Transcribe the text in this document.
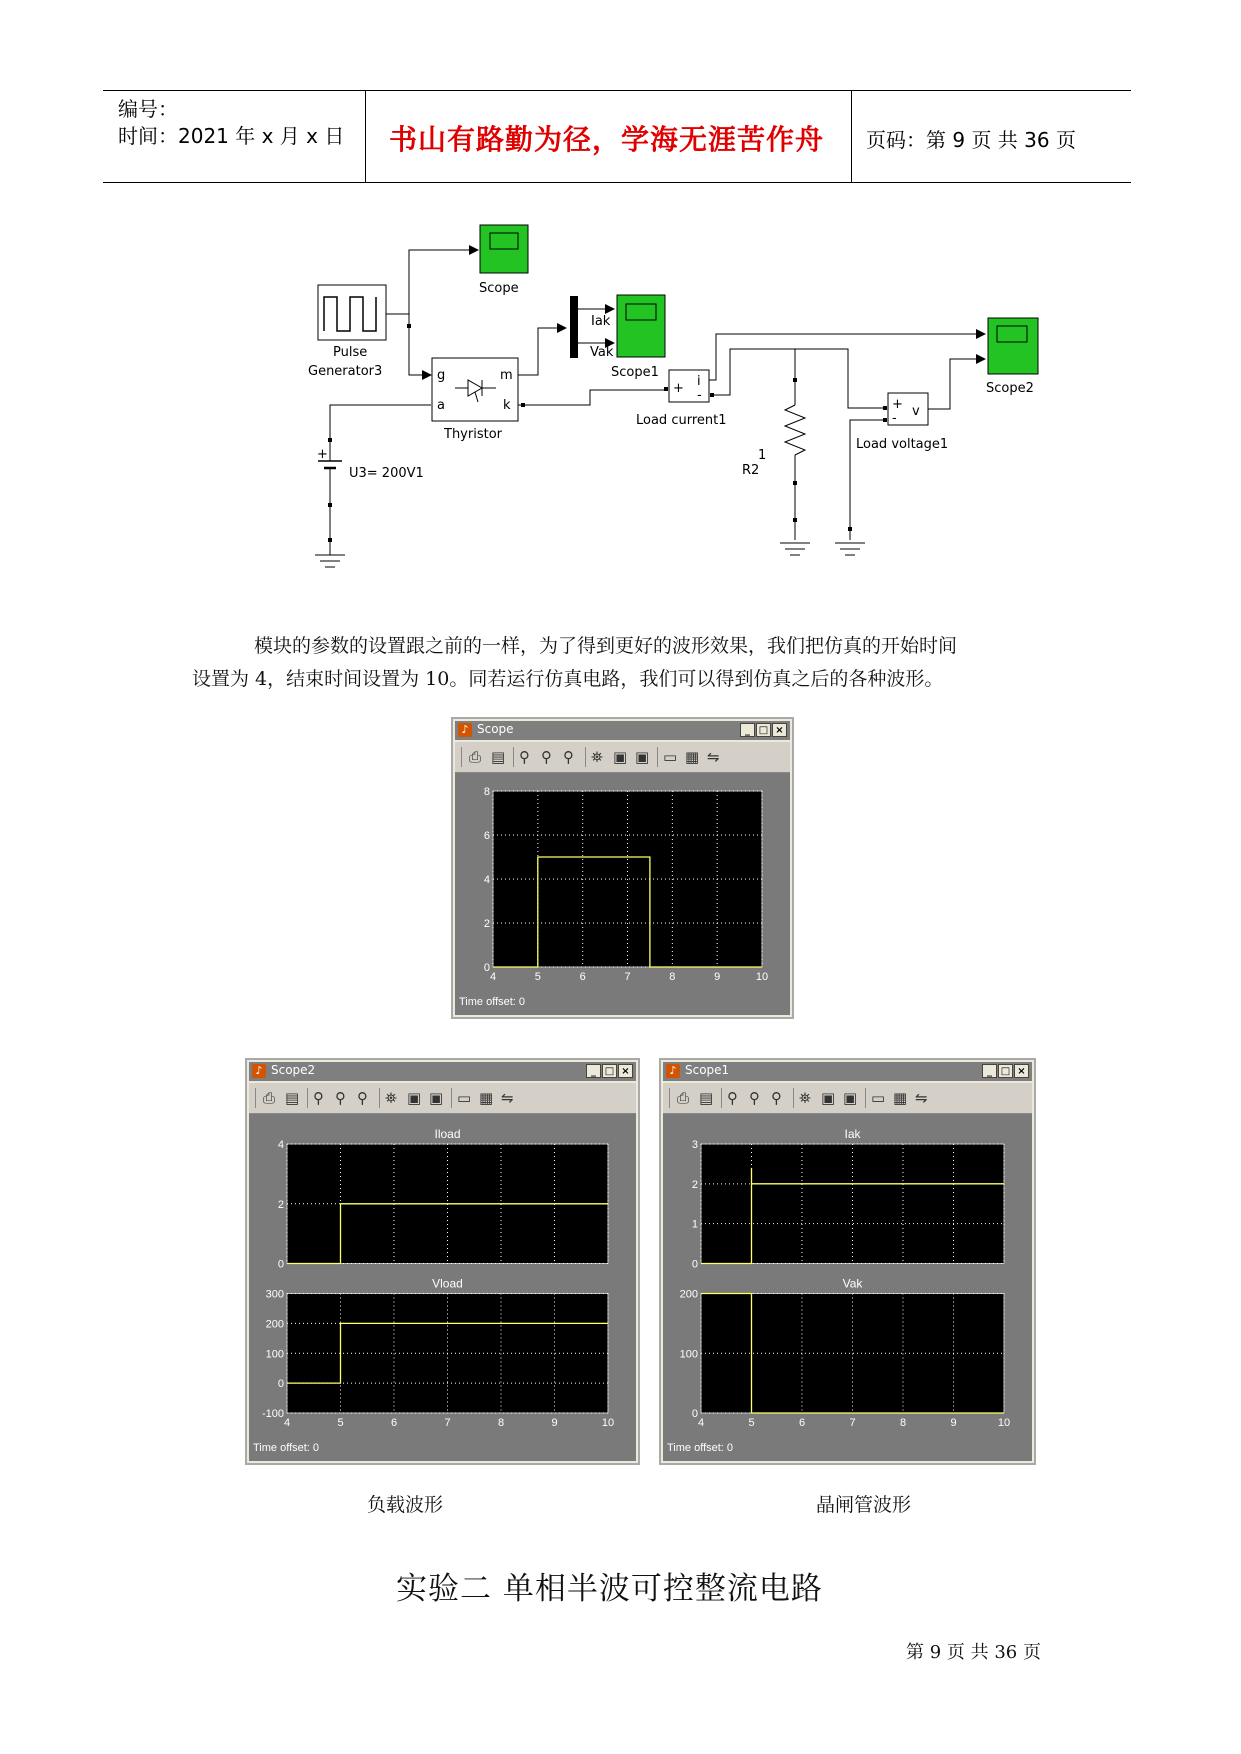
编号：
时间：2021 年 x 月 x 日 书山有路勤为径，学海无涯苦作舟 页码：第 9 页 共 36 页
Scope
Pulse
Generator3	g
a
m
k
Thyristor
Iak
Vak
Scope1
+ i
-
Load current1
R2
1
+
- v
Load voltage1
Scope2
+
U3= 200V1
模块的参数的设置跟之前的一样，为了得到更好的波形效果，我们把仿真的开始时间
设置为 4，结束时间设置为 10。同若运行仿真电路，我们可以得到仿真之后的各种波形。
♪ Scope	_ □ ×
⎙ ▤ ⚲ ⚲ ⚲ ⛯ ▣ ▣ ▭ ▦ ⇋
4	5	6	7	8	9	10
0
2
4
6
8
Time offset: 0
♪ Scope2	_ □ ×
⎙ ▤ ⚲ ⚲ ⚲ ⛯ ▣ ▣ ▭ ▦ ⇋
Iload
0
2
4
Vload
4	5	6	7	8	9	10
-100
0
100
200
300
Time offset: 0
♪ Scope1	_ □ ×
⎙ ▤ ⚲ ⚲ ⚲ ⛯ ▣ ▣ ▭ ▦ ⇋
Iak
0
1
2
3
Vak
4	5	6	7	8	9	10
0
100
200
Time offset: 0
负载波形	晶闸管波形
实验二 单相半波可控整流电路
第 9 页 共 36 页
